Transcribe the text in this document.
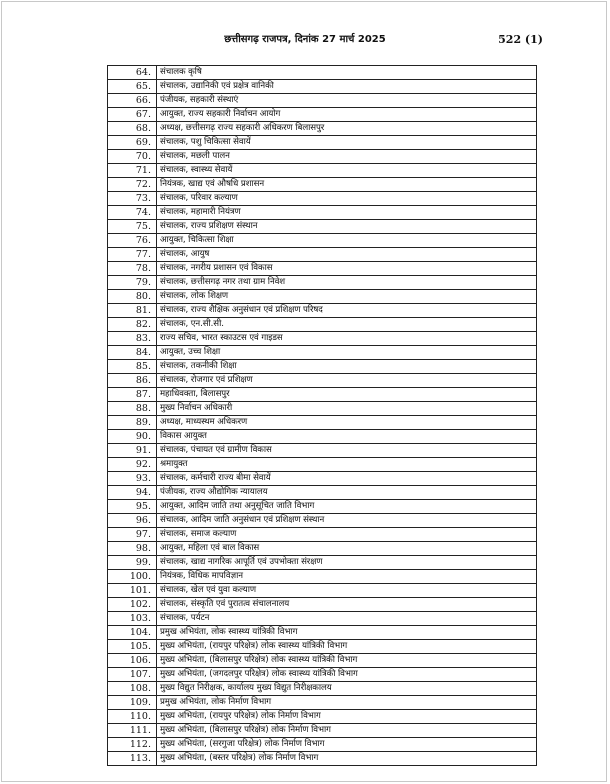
छत्तीसगढ़ राजपत्र, दिनांक 27 मार्च 2025	522 (1)
64.	संचालक कृषि
65.	संचालक, उद्यानिकी एवं प्रक्षेत्र वानिकी
66.	पंजीयक, सहकारी संस्थाएं
67.	आयुक्त, राज्य सहकारी निर्वाचन आयोग
68.	अध्यक्ष, छत्तीसगढ़ राज्य सहकारी अधिकरण बिलासपुर
69.	संचालक, पशु चिकित्सा सेवायें
70.	संचालक, मछली पालन
71.	संचालक, स्वास्थ्य सेवायें
72.	नियंत्रक, खाद्य एवं औषधि प्रशासन
73.	संचालक, परिवार कल्याण
74.	संचालक, महामारी नियंत्रण
75.	संचालक, राज्य प्रशिक्षण संस्थान
76.	आयुक्त, चिकित्सा शिक्षा
77.	संचालक, आयुष
78.	संचालक, नगरीय प्रशासन एवं विकास
79.	संचालक, छत्तीसगढ़ नगर तथा ग्राम निवेश
80.	संचालक, लोक शिक्षण
81.	संचालक, राज्य शैक्षिक अनुसंधान एवं प्रशिक्षण परिषद
82.	संचालक, एन.सी.सी.
83.	राज्य सचिव, भारत स्काउटस एवं गाइडस
84.	आयुक्त, उच्च शिक्षा
85.	संचालक, तकनीकी शिक्षा
86.	संचालक, रोजगार एवं प्रशिक्षण
87.	महाधिवक्ता, बिलासपुर
88.	मुख्य निर्वाचन अधिकारी
89.	अध्यक्ष, माध्यस्थम अधिकरण
90.	विकास आयुक्त
91.	संचालक, पंचायत एवं ग्रामीण विकास
92.	श्रमायुक्त
93.	संचालक, कर्मचारी राज्य बीमा सेवायें
94.	पंजीयक, राज्य औद्योगिक न्यायालय
95.	आयुक्त, आदिम जाति तथा अनुसूचित जाति विभाग
96.	संचालक, आदिम जाति अनुसंधान एवं प्रशिक्षण संस्थान
97.	संचालक, समाज कल्याण
98.	आयुक्त, महिला एवं बाल विकास
99.	संचालक, खाद्य नागरिक आपूर्ति एवं उपभोक्ता संरक्षण
100.	नियंत्रक, विधिक मापविज्ञान
101.	संचालक, खेल एवं युवा कल्याण
102.	संचालक, संस्कृति एवं पुरातत्व संचालनालय
103.	संचालक, पर्यटन
104.	प्रमुख अभियंता, लोक स्वास्थ्य यांत्रिकी विभाग
105.	मुख्य अभियंता, (रायपुर परिक्षेत्र) लोक स्वास्थ्य यांत्रिकी विभाग
106.	मुख्य अभियंता, (बिलासपुर परिक्षेत्र) लोक स्वास्थ्य यांत्रिकी विभाग
107.	मुख्य अभियंता, (जगदलपुर परिक्षेत्र) लोक स्वास्थ्य यांत्रिकी विभाग
108.	मुख्य विद्युत निरीक्षक, कार्यालय मुख्य विद्युत निरीक्षकालय
109.	प्रमुख अभियंता, लोक निर्माण विभाग
110.	मुख्य अभियंता, (रायपुर परिक्षेत्र) लोक निर्माण विभाग
111.	मुख्य अभियंता, (बिलासपुर परिक्षेत्र) लोक निर्माण विभाग
112.	मुख्य अभियंता, (सरगुजा परिक्षेत्र) लोक निर्माण विभाग
113.	मुख्य अभियंता, (बस्तर परिक्षेत्र) लोक निर्माण विभाग
